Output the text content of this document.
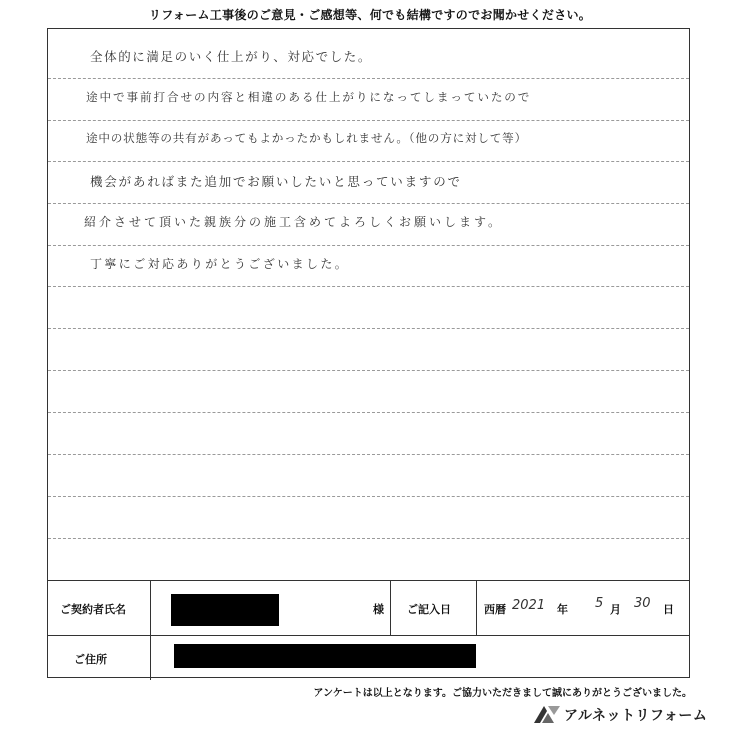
リフォーム工事後のご意見・ご感想等、何でも結構ですのでお聞かせください。
全体的に満足のいく仕上がり、対応でした。
途中で事前打合せの内容と相違のある仕上がりになってしまっていたので
途中の状態等の共有があってもよかったかもしれません。（他の方に対して等）
機会があればまた追加でお願いしたいと思っていますので
紹介させて頂いた親族分の施工含めてよろしくお願いします。
丁寧にご対応ありがとうございました。
ご契約者氏名	様 ご記入日	西暦 2021 年 5 月 30 日
ご住所
アンケートは以上となります。ご協力いただきまして誠にありがとうございました。
アルネットリフォーム
